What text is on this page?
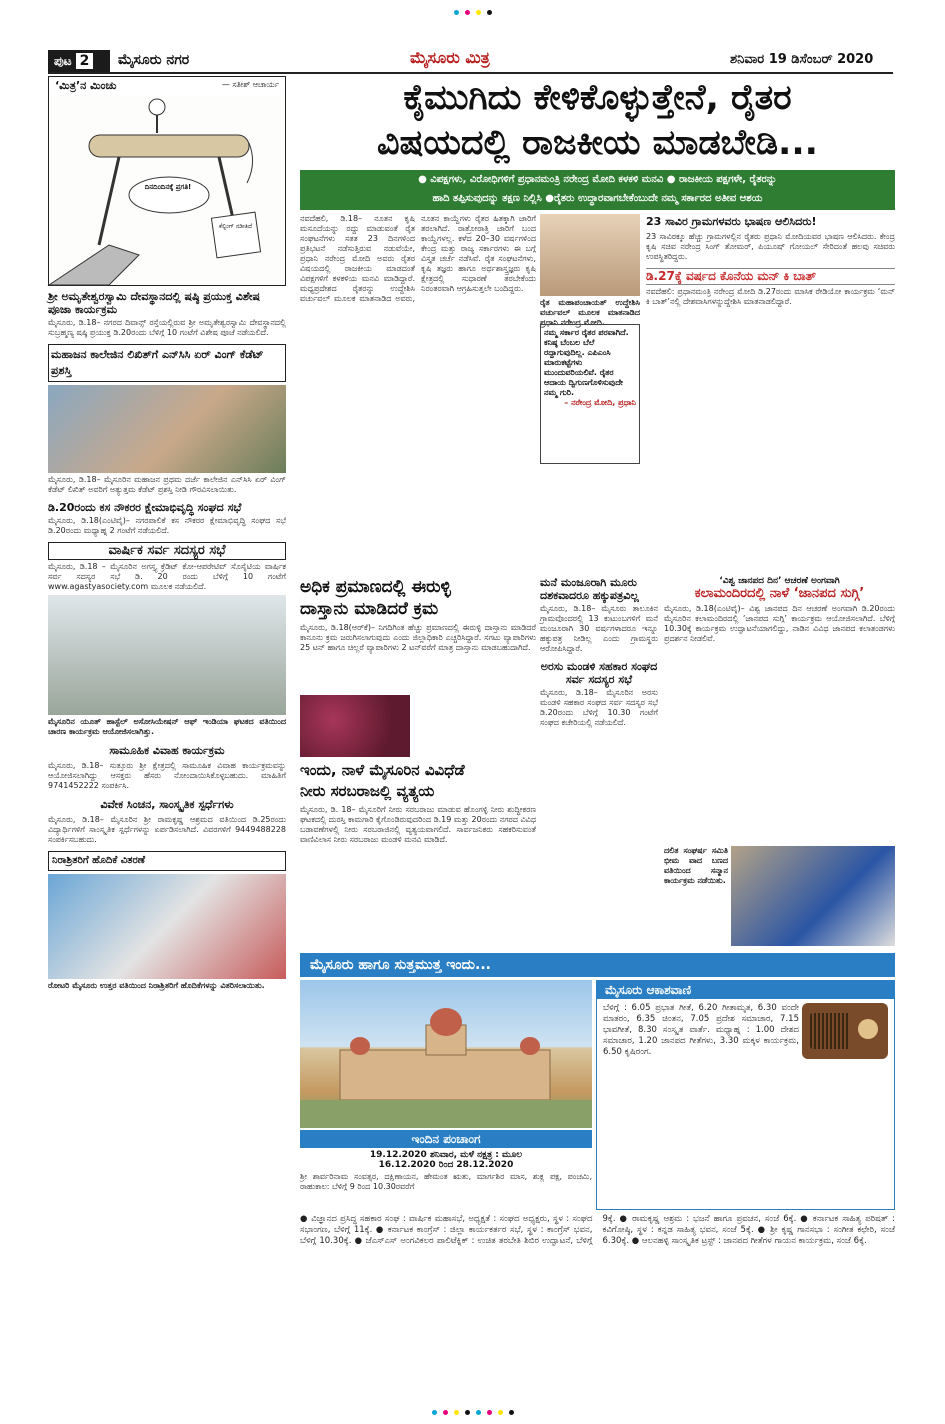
ಪುಟ 2 ಮೈಸೂರು ನಗರ	ಮೈಸೂರು ಮಿತ್ರ	ಶನಿವಾರ 19 ಡಿಸೆಂಬರ್ 2020
‘ಮಿತ್ರ’ನ ಮಿಂಚು	— ಸತೀಶ್ ಆಚಾರ್ಯ
ದಿನದಿಂದಿನಕ್ಕೆ ಪ್ರಗತಿ!
ಕೆಲ್ಟಿಂಗ್ ನಡೀತಿದೆ
ಕೈಮುಗಿದು ಕೇಳಿಕೊಳ್ಳುತ್ತೇನೆ, ರೈತರ
ವಿಷಯದಲ್ಲಿ ರಾಜಕೀಯ ಮಾಡಬೇಡಿ...
● ವಿಪಕ್ಷಗಳು, ವಿರೋಧಿಗಳಿಗೆ ಪ್ರಧಾನಮಂತ್ರಿ ನರೇಂದ್ರ ಮೋದಿ ಕಳಕಳಿ ಮನವಿ ● ರಾಜಕೀಯ ಪಕ್ಷಗಳೇ, ರೈತರನ್ನು
ಹಾದಿ ತಪ್ಪಿಸುವುದನ್ನು ತಕ್ಷಣ ನಿಲ್ಲಿಸಿ ●ರೈತರು ಉದ್ಧಾರವಾಗಬೇಕೆಂಬುದೇ ನಮ್ಮ ಸರ್ಕಾರದ ಅತೀವ ಆಶಯ
ನವದೆಹಲಿ, ಡಿ.18– ನೂತನ ಕೃಷಿ ಮಸೂದೆಯನ್ನು ರದ್ದು ಮಾಡುವಂತೆ ರೈತ ಸಂಘಟನೆಗಳು ಸತತ 23 ದಿನಗಳಿಂದ ಪ್ರತಿಭಟನೆ ನಡೆಸುತ್ತಿರುವ ನಡುವೆಯೇ, ಪ್ರಧಾನಿ ನರೇಂದ್ರ ಮೋದಿ ಅವರು ರೈತರ ವಿಷಯದಲ್ಲಿ ರಾಜಕೀಯ ಮಾಡದಂತೆ ವಿಪಕ್ಷಗಳಿಗೆ ಕಳಕಳಿಯ ಮನವಿ ಮಾಡಿದ್ದಾರೆ. ಮಧ್ಯಪ್ರದೇಶದ ರೈತರನ್ನು ಉದ್ದೇಶಿಸಿ ವರ್ಚುವಲ್ ಮೂಲಕ ಮಾತನಾಡಿದ ಅವರು, ನೂತನ ಕಾಯ್ದೆಗಳು ರೈತರ ಹಿತಕ್ಕಾಗಿ ಜಾರಿಗೆ ತರಲಾಗಿದೆ. ರಾತ್ರೋರಾತ್ರಿ ಜಾರಿಗೆ ಬಂದ ಕಾಯ್ದೆಗಳಲ್ಲ. ಕಳೆದ 20–30 ವರ್ಷಗಳಿಂದ ಕೇಂದ್ರ ಮತ್ತು ರಾಜ್ಯ ಸರ್ಕಾರಗಳು ಈ ಬಗ್ಗೆ ವಿಸ್ತೃತ ಚರ್ಚೆ ನಡೆಸಿವೆ. ರೈತ ಸಂಘಟನೆಗಳು, ಕೃಷಿ ತಜ್ಞರು ಹಾಗೂ ಅರ್ಥಶಾಸ್ತ್ರಜ್ಞರು ಕೃಷಿ ಕ್ಷೇತ್ರದಲ್ಲಿ ಸುಧಾರಣೆ ತರಬೇಕೆಂದು ನಿರಂತರವಾಗಿ ಆಗ್ರಹಿಸುತ್ತಲೇ ಬಂದಿದ್ದರು.
ರೈತ ಮಹಾಪಂಚಾಯತ್ ಉದ್ದೇಶಿಸಿ ವರ್ಚುವಲ್ ಮೂಲಕ ಮಾತನಾಡಿದ ಪ್ರಧಾನಿ ನರೇಂದ್ರ ಮೋದಿ.
ನಮ್ಮ ಸರ್ಕಾರ ರೈತರ ಪರವಾಗಿದೆ. ಕನಿಷ್ಠ ಬೆಂಬಲ ಬೆಲೆ ರದ್ದಾಗುವುದಿಲ್ಲ. ಎಪಿಎಂಸಿ ಮಾರುಕಟ್ಟೆಗಳು ಮುಂದುವರಿಯಲಿವೆ. ರೈತರ ಆದಾಯ ದ್ವಿಗುಣಗೊಳಿಸುವುದೇ ನಮ್ಮ ಗುರಿ.
– ನರೇಂದ್ರ ಮೋದಿ, ಪ್ರಧಾನಿ
23 ಸಾವಿರ ಗ್ರಾಮಗಳವರು ಭಾಷಣ ಆಲಿಸಿದರು!
23 ಸಾವಿರಕ್ಕೂ ಹೆಚ್ಚು ಗ್ರಾಮಗಳಲ್ಲಿನ ರೈತರು ಪ್ರಧಾನಿ ಮೋದಿಯವರ ಭಾಷಣ ಆಲಿಸಿದರು. ಕೇಂದ್ರ ಕೃಷಿ ಸಚಿವ ನರೇಂದ್ರ ಸಿಂಗ್ ತೋಮರ್, ಪಿಯೂಷ್ ಗೋಯಲ್ ಸೇರಿದಂತೆ ಹಲವು ಸಚಿವರು ಉಪಸ್ಥಿತರಿದ್ದರು.
ಡಿ.27ಕ್ಕೆ ವರ್ಷದ ಕೊನೆಯ ಮನ್ ಕಿ ಬಾತ್
ನವದೆಹಲಿ: ಪ್ರಧಾನಮಂತ್ರಿ ನರೇಂದ್ರ ಮೋದಿ ಡಿ.27ರಂದು ಮಾಸಿಕ ರೇಡಿಯೋ ಕಾರ್ಯಕ್ರಮ ‘ಮನ್ ಕಿ ಬಾತ್’ನಲ್ಲಿ ದೇಶವಾಸಿಗಳನ್ನುದ್ದೇಶಿಸಿ ಮಾತನಾಡಲಿದ್ದಾರೆ.
ಶ್ರೀ ಅಮೃತೇಶ್ವರಸ್ವಾಮಿ ದೇವಸ್ಥಾನದಲ್ಲಿ ಷಷ್ಠಿ ಪ್ರಯುಕ್ತ ವಿಶೇಷ ಪೂಜಾ ಕಾರ್ಯಕ್ರಮ
ಮೈಸೂರು, ಡಿ.18– ನಗರದ ದಿವಾನ್ಸ್ ರಸ್ತೆಯಲ್ಲಿರುವ ಶ್ರೀ ಅಮೃತೇಶ್ವರಸ್ವಾಮಿ ದೇವಸ್ಥಾನದಲ್ಲಿ ಸುಬ್ರಹ್ಮಣ್ಯ ಷಷ್ಠಿ ಪ್ರಯುಕ್ತ ಡಿ.20ರಂದು ಬೆಳಿಗ್ಗೆ 10 ಗಂಟೆಗೆ ವಿಶೇಷ ಪೂಜೆ ನಡೆಯಲಿದೆ.
ಮಹಾಜನ ಕಾಲೇಜಿನ ಲಿಖಿತ್‌ಗೆ ಎನ್‌ಸಿಸಿ ಏರ್ ವಿಂಗ್ ಕೆಡೆಟ್ ಪ್ರಶಸ್ತಿ
ಮೈಸೂರು, ಡಿ.18– ಮೈಸೂರಿನ ಮಹಾಜನ ಪ್ರಥಮ ದರ್ಜೆ ಕಾಲೇಜಿನ ಎನ್‌ಸಿಸಿ ಏರ್ ವಿಂಗ್ ಕೆಡೆಟ್ ಲಿಖಿತ್ ಅವರಿಗೆ ಅತ್ಯುತ್ತಮ ಕೆಡೆಟ್ ಪ್ರಶಸ್ತಿ ನೀಡಿ ಗೌರವಿಸಲಾಯಿತು.
ಡಿ.20ರಂದು ಕಸ ನೌಕರರ ಕ್ಷೇಮಾಭಿವೃದ್ಧಿ ಸಂಘದ ಸಭೆ
ಮೈಸೂರು, ಡಿ.18(ಎಂಟಿವೈ)– ನಗರಪಾಲಿಕೆ ಕಸ ನೌಕರರ ಕ್ಷೇಮಾಭಿವೃದ್ಧಿ ಸಂಘದ ಸಭೆ ಡಿ.20ರಂದು ಮಧ್ಯಾಹ್ನ 2 ಗಂಟೆಗೆ ನಡೆಯಲಿದೆ.
ವಾರ್ಷಿಕ ಸರ್ವ ಸದಸ್ಯರ ಸಭೆ
ಮೈಸೂರು, ಡಿ.18 – ಮೈಸೂರಿನ ಅಗಸ್ತ್ಯ ಕ್ರೆಡಿಟ್ ಕೋ-ಆಪರೇಟಿವ್ ಸೊಸೈಟಿಯ ವಾರ್ಷಿಕ ಸರ್ವ ಸದಸ್ಯರ ಸಭೆ ಡಿ. 20 ರಂದು ಬೆಳಿಗ್ಗೆ 10 ಗಂಟೆಗೆ www.agastyasociety.com ಮೂಲಕ ನಡೆಯಲಿದೆ.
ಮೈಸೂರಿನ ಯೂತ್ ಹಾಸ್ಟೆಲ್ ಅಸೋಸಿಯೇಷನ್ ಆಫ್ ಇಂಡಿಯಾ ಘಟಕದ ವತಿಯಿಂದ ಚಾರಣ ಕಾರ್ಯಕ್ರಮ ಆಯೋಜಿಸಲಾಗಿತ್ತು.
ಸಾಮೂಹಿಕ ವಿವಾಹ ಕಾರ್ಯಕ್ರಮ
ಮೈಸೂರು, ಡಿ.18– ಸುತ್ತೂರು ಶ್ರೀ ಕ್ಷೇತ್ರದಲ್ಲಿ ಸಾಮೂಹಿಕ ವಿವಾಹ ಕಾರ್ಯಕ್ರಮವನ್ನು ಆಯೋಜಿಸಲಾಗಿದ್ದು ಆಸಕ್ತರು ಹೆಸರು ನೋಂದಾಯಿಸಿಕೊಳ್ಳಬಹುದು. ಮಾಹಿತಿಗೆ 9741452222 ಸಂಪರ್ಕಿಸಿ.
ವಿವೇಕ ಸಿಂಚನ, ಸಾಂಸ್ಕೃತಿಕ ಸ್ಪರ್ಧೆಗಳು
ಮೈಸೂರು, ಡಿ.18– ಮೈಸೂರಿನ ಶ್ರೀ ರಾಮಕೃಷ್ಣ ಆಶ್ರಮದ ವತಿಯಿಂದ ಡಿ.25ರಂದು ವಿದ್ಯಾರ್ಥಿಗಳಿಗೆ ಸಾಂಸ್ಕೃತಿಕ ಸ್ಪರ್ಧೆಗಳನ್ನು ಏರ್ಪಡಿಸಲಾಗಿದೆ. ವಿವರಗಳಿಗೆ 9449488228 ಸಂಪರ್ಕಿಸಬಹುದು.
ನಿರಾಶ್ರಿತರಿಗೆ ಹೊದಿಕೆ ವಿತರಣೆ
ರೋಟರಿ ಮೈಸೂರು ಉತ್ತರ ವತಿಯಿಂದ ನಿರಾಶ್ರಿತರಿಗೆ ಹೊದಿಕೆಗಳನ್ನು ವಿತರಿಸಲಾಯಿತು.
ಅಧಿಕ ಪ್ರಮಾಣದಲ್ಲಿ ಈರುಳ್ಳಿ
ದಾಸ್ತಾನು ಮಾಡಿದರೆ ಕ್ರಮ
ಮೈಸೂರು, ಡಿ.18(ಆರ್‌ಕೆ)– ನಿಗದಿಗಿಂತ ಹೆಚ್ಚು ಪ್ರಮಾಣದಲ್ಲಿ ಈರುಳ್ಳಿ ದಾಸ್ತಾನು ಮಾಡಿದರೆ ಕಾನೂನು ಕ್ರಮ ಜರುಗಿಸಲಾಗುವುದು ಎಂದು ಜಿಲ್ಲಾಧಿಕಾರಿ ಎಚ್ಚರಿಸಿದ್ದಾರೆ. ಸಗಟು ವ್ಯಾಪಾರಿಗಳು 25 ಟನ್ ಹಾಗೂ ಚಿಲ್ಲರೆ ವ್ಯಾಪಾರಿಗಳು 2 ಟನ್‌ವರೆಗೆ ಮಾತ್ರ ದಾಸ್ತಾನು ಮಾಡಬಹುದಾಗಿದೆ.
ಇಂದು, ನಾಳೆ ಮೈಸೂರಿನ ವಿವಿಧೆಡೆ
ನೀರು ಸರಬರಾಜಲ್ಲಿ ವ್ಯತ್ಯಯ
ಮೈಸೂರು, ಡಿ. 18– ಮೈಸೂರಿಗೆ ನೀರು ಸರಬರಾಜು ಮಾಡುವ ಹೊಂಗಳ್ಳಿ ನೀರು ಶುದ್ಧೀಕರಣ ಘಟಕದಲ್ಲಿ ದುರಸ್ತಿ ಕಾಮಗಾರಿ ಕೈಗೊಂಡಿರುವುದರಿಂದ ಡಿ.19 ಮತ್ತು 20ರಂದು ನಗರದ ವಿವಿಧ ಬಡಾವಣೆಗಳಲ್ಲಿ ನೀರು ಸರಬರಾಜಿನಲ್ಲಿ ವ್ಯತ್ಯಯವಾಗಲಿದೆ. ಸಾರ್ವಜನಿಕರು ಸಹಕರಿಸುವಂತೆ ವಾಣಿವಿಲಾಸ ನೀರು ಸರಬರಾಜು ಮಂಡಳಿ ಮನವಿ ಮಾಡಿದೆ.
ಮನೆ ಮಂಜೂರಾಗಿ ಮೂರು ದಶಕವಾದರೂ ಹಕ್ಕುಪತ್ರವಿಲ್ಲ
ಮೈಸೂರು, ಡಿ.18– ಮೈಸೂರು ತಾಲೂಕಿನ ಗ್ರಾಮವೊಂದರಲ್ಲಿ 13 ಕುಟುಂಬಗಳಿಗೆ ಮನೆ ಮಂಜೂರಾಗಿ 30 ವರ್ಷಗಳಾದರೂ ಇನ್ನೂ ಹಕ್ಕುಪತ್ರ ನೀಡಿಲ್ಲ ಎಂದು ಗ್ರಾಮಸ್ಥರು ಆರೋಪಿಸಿದ್ದಾರೆ.
ಅರಸು ಮಂಡಳಿ ಸಹಕಾರ ಸಂಘದ ಸರ್ವ ಸದಸ್ಯರ ಸಭೆ
ಮೈಸೂರು, ಡಿ.18– ಮೈಸೂರಿನ ಅರಸು ಮಂಡಳಿ ಸಹಕಾರ ಸಂಘದ ಸರ್ವ ಸದಸ್ಯರ ಸಭೆ ಡಿ.20ರಂದು ಬೆಳಿಗ್ಗೆ 10.30 ಗಂಟೆಗೆ ಸಂಘದ ಕಚೇರಿಯಲ್ಲಿ ನಡೆಯಲಿದೆ.
‘ವಿಶ್ವ ಜಾನಪದ ದಿನ’ ಆಚರಣೆ ಅಂಗವಾಗಿ
ಕಲಾಮಂದಿರದಲ್ಲಿ ನಾಳೆ ‘ಜಾನಪದ ಸುಗ್ಗಿ’
ಮೈಸೂರು, ಡಿ.18(ಎಂಟಿವೈ)– ವಿಶ್ವ ಜಾನಪದ ದಿನ ಆಚರಣೆ ಅಂಗವಾಗಿ ಡಿ.20ರಂದು ಮೈಸೂರಿನ ಕಲಾಮಂದಿರದಲ್ಲಿ ‘ಜಾನಪದ ಸುಗ್ಗಿ’ ಕಾರ್ಯಕ್ರಮ ಆಯೋಜಿಸಲಾಗಿದೆ. ಬೆಳಿಗ್ಗೆ 10.30ಕ್ಕೆ ಕಾರ್ಯಕ್ರಮ ಉದ್ಘಾಟನೆಯಾಗಲಿದ್ದು, ನಾಡಿನ ವಿವಿಧ ಜಾನಪದ ಕಲಾತಂಡಗಳು ಪ್ರದರ್ಶನ ನೀಡಲಿವೆ.
ದಲಿತ ಸಂಘರ್ಷ ಸಮಿತಿ ಭೀಮ ವಾದ ಬಣದ ವತಿಯಿಂದ ಸನ್ಮಾನ ಕಾರ್ಯಕ್ರಮ ನಡೆಯಿತು.
ಮೈಸೂರು ಹಾಗೂ ಸುತ್ತಮುತ್ತ ಇಂದು...
ಇಂದಿನ ಪಂಚಾಂಗ
19.12.2020 ಶನಿವಾರ, ಮಳೆ ನಕ್ಷತ್ರ : ಮೂಲ
16.12.2020 ರಿಂದ 28.12.2020
ಶ್ರೀ ಶಾರ್ವರಿನಾಮ ಸಂವತ್ಸರ, ದಕ್ಷಿಣಾಯನ, ಹೇಮಂತ ಋತು, ಮಾರ್ಗಶಿರ ಮಾಸ, ಶುಕ್ಲ ಪಕ್ಷ, ಪಂಚಮಿ, ರಾಹುಕಾಲ: ಬೆಳಿಗ್ಗೆ 9 ರಿಂದ 10.30ರವರೆಗೆ
ಮೈಸೂರು ಆಕಾಶವಾಣಿ
ಬೆಳಿಗ್ಗೆ : 6.05 ಪ್ರಭಾತ ಗೀತೆ, 6.20 ಗೀತಾಮೃತ, 6.30 ವಂದೇ ಮಾತರಂ, 6.35 ಚಿಂತನ, 7.05 ಪ್ರದೇಶ ಸಮಾಚಾರ, 7.15 ಭಾವಗೀತೆ, 8.30 ಸಂಸ್ಕೃತ ವಾರ್ತೆ. ಮಧ್ಯಾಹ್ನ : 1.00 ದೇಶದ ಸಮಾಚಾರ, 1.20 ಜಾನಪದ ಗೀತೆಗಳು, 3.30 ಮಕ್ಕಳ ಕಾರ್ಯಕ್ರಮ, 6.50 ಕೃಷಿರಂಗ.
● ವಿಜ್ಞಾನದ ಪ್ರಸಿದ್ಧ ಸಹಕಾರ ಸಂಘ : ವಾರ್ಷಿಕ ಮಹಾಸಭೆ, ಅಧ್ಯಕ್ಷತೆ : ಸಂಘದ ಅಧ್ಯಕ್ಷರು, ಸ್ಥಳ : ಸಂಘದ ಸಭಾಂಗಣ, ಬೆಳಿಗ್ಗೆ 11ಕ್ಕೆ. ● ಕರ್ನಾಟಕ ಕಾಂಗ್ರೆಸ್ : ಜಿಲ್ಲಾ ಕಾರ್ಯಕರ್ತರ ಸಭೆ, ಸ್ಥಳ : ಕಾಂಗ್ರೆಸ್ ಭವನ, ಬೆಳಿಗ್ಗೆ 10.30ಕ್ಕೆ. ● ಜೆಎಸ್‌ಎಸ್ ಅಂಗವಿಕಲರ ಪಾಲಿಟೆಕ್ನಿಕ್ : ಉಚಿತ ತರಬೇತಿ ಶಿಬಿರ ಉದ್ಘಾಟನೆ, ಬೆಳಿಗ್ಗೆ 9ಕ್ಕೆ. ● ರಾಮಕೃಷ್ಣ ಆಶ್ರಮ : ಭಜನೆ ಹಾಗೂ ಪ್ರವಚನ, ಸಂಜೆ 6ಕ್ಕೆ. ● ಕರ್ನಾಟಕ ಸಾಹಿತ್ಯ ಪರಿಷತ್ : ಕವಿಗೋಷ್ಠಿ, ಸ್ಥಳ : ಕನ್ನಡ ಸಾಹಿತ್ಯ ಭವನ, ಸಂಜೆ 5ಕ್ಕೆ. ● ಶ್ರೀ ಕೃಷ್ಣ ಗಾನಸಭಾ : ಸಂಗೀತ ಕಛೇರಿ, ಸಂಜೆ 6.30ಕ್ಕೆ. ● ಆಲನಹಳ್ಳಿ ಸಾಂಸ್ಕೃತಿಕ ಟ್ರಸ್ಟ್ : ಜಾನಪದ ಗೀತೆಗಳ ಗಾಯನ ಕಾರ್ಯಕ್ರಮ, ಸಂಜೆ 6ಕ್ಕೆ.
